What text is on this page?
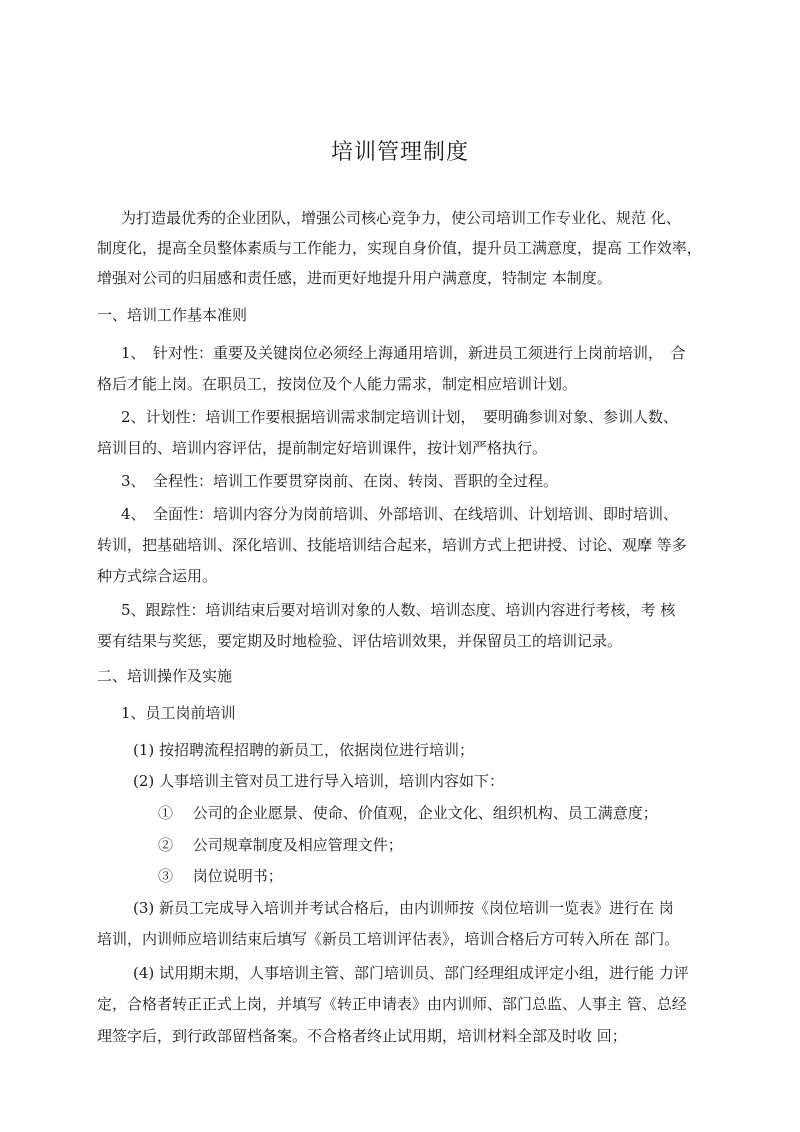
培训管理制度
为打造最优秀的企业团队，增强公司核心竞争力，使公司培训工作专业化、规范 化、
制度化，提高全员整体素质与工作能力，实现自身价值，提升员工满意度，提高 工作效率，
增强对公司的归届感和责任感，进而更好地提升用户满意度，特制定 本制度。
一、培训工作基本准则
1、　针对性：重要及关键岗位必须经上海通用培训，新进员工须进行上岗前培训，　合
格后才能上岗。在职员工，按岗位及个人能力需求，制定相应培训计划。
2、计划性：培训工作要根据培训需求制定培训计划，　要明确参训对象、参训人数、
培训目的、培训内容评估，提前制定好培训课件，按计划严格执行。
3、　全程性：培训工作要贯穿岗前、在岗、转岗、晋职的全过程。
4、　全面性：培训内容分为岗前培训、外部培训、在线培训、计划培训、即时培训、
转训，把基础培训、深化培训、技能培训结合起来，培训方式上把讲授、讨论、观摩 等多
种方式综合运用。
5、跟踪性：培训结束后要对培训对象的人数、培训态度、培训内容进行考核，考 核
要有结果与奖惩，要定期及时地检验、评估培训效果，并保留员工的培训记录。
二、培训操作及实施
1、员工岗前培训
(1) 按招聘流程招聘的新员工，依据岗位进行培训；
(2) 人事培训主管对员工进行导入培训，培训内容如下：
①　 公司的企业愿景、使命、价值观，企业文化、组织机构、员工满意度；
②　 公司规章制度及相应管理文件；
③　 岗位说明书；
(3) 新员工完成导入培训并考试合格后，由内训师按《岗位培训一览表》进行在 岗
培训，内训师应培训结束后填写《新员工培训评估表》，培训合格后方可转入所在 部门。
(4) 试用期末期，人事培训主管、部门培训员、部门经理组成评定小组，进行能 力评
定，合格者转正正式上岗，并填写《转正申请表》由内训师、部门总监、人事主 管、总经
理签字后，到行政部留档备案。不合格者终止试用期，培训材料全部及时收 回；
